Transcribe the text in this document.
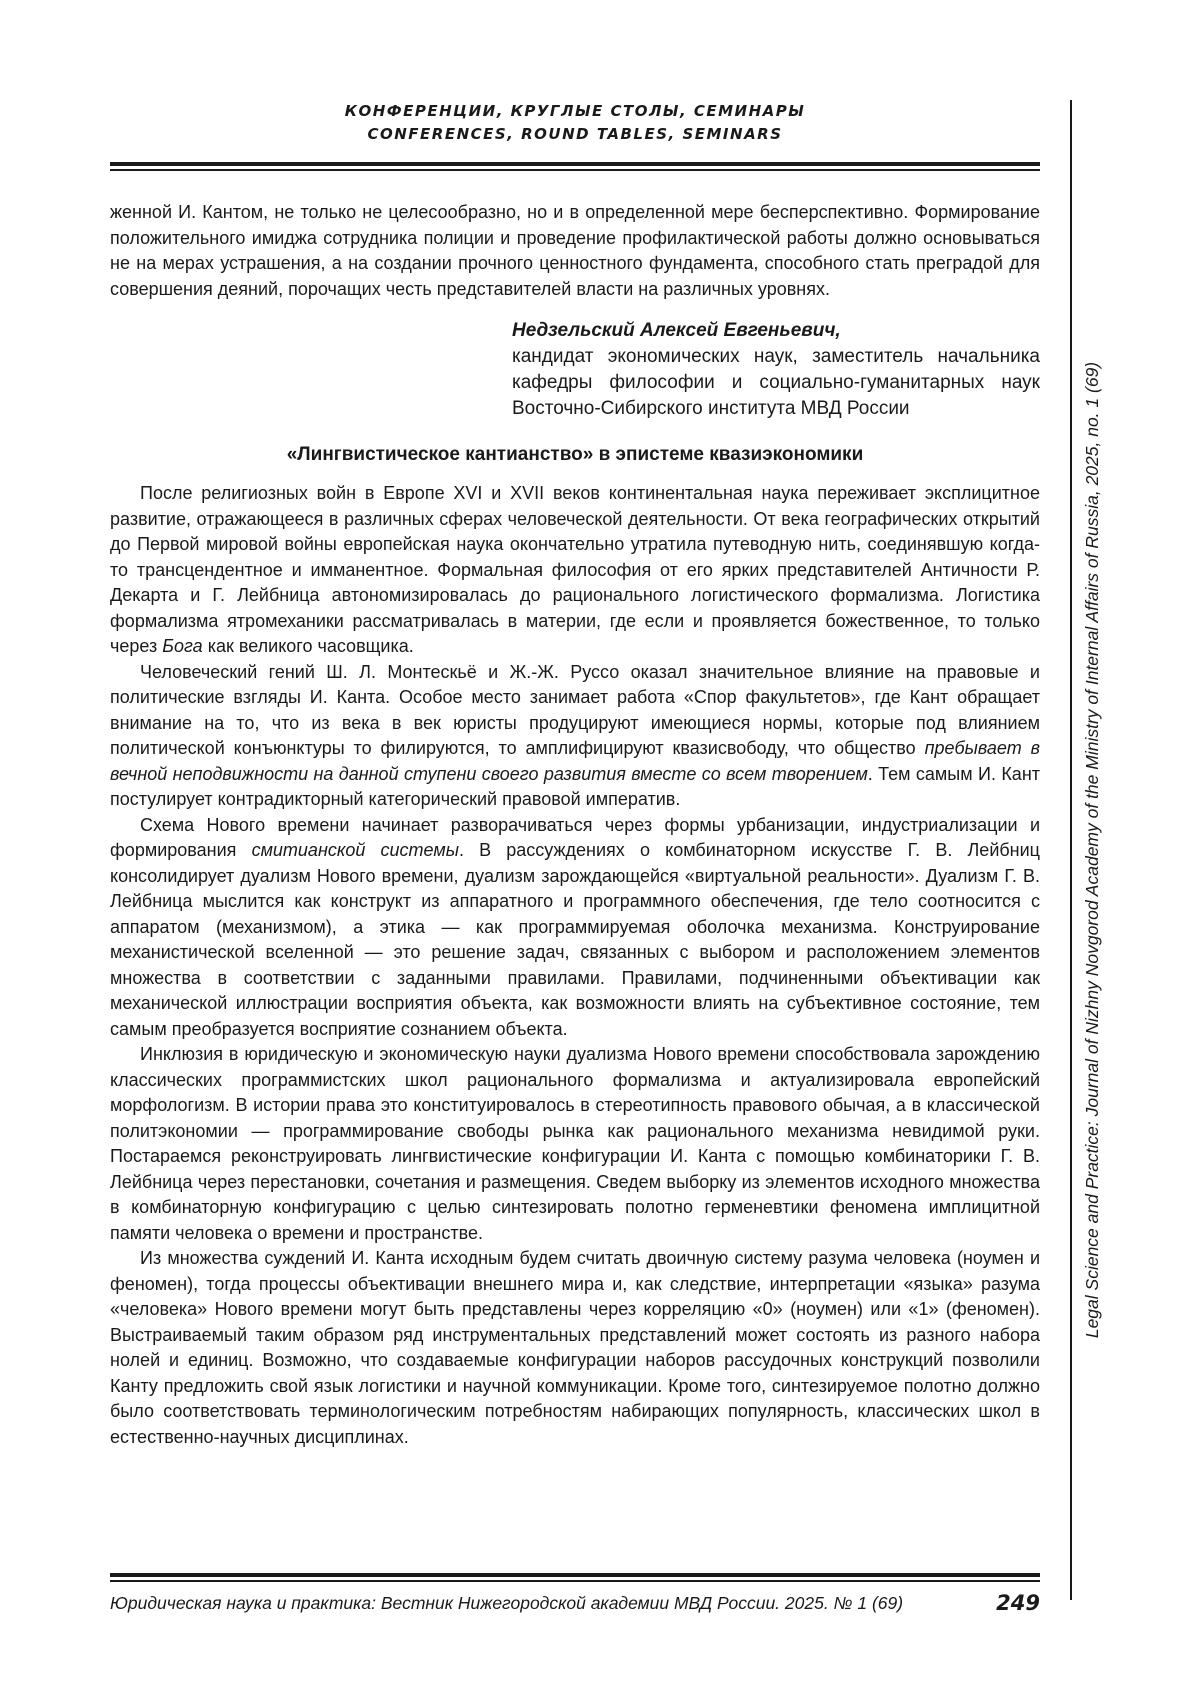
КОНФЕРЕНЦИИ, КРУГЛЫЕ СТОЛЫ, СЕМИНАРЫ
CONFERENCES, ROUND TABLES, SEMINARS
Legal Science and Practice: Journal of Nizhny Novgorod Academy of the Ministry of Internal Affairs of Russia, 2025, no. 1 (69)

женной И. Кантом, не только не целесообразно, но и в определенной мере бесперспективно. Формирование положительного имиджа сотрудника полиции и проведение профилактической работы должно основываться не на мерах устрашения, а на создании прочного ценностного фундамента, способного стать преградой для совершения деяний, порочащих честь представителей власти на различных уровнях.

Недзельский Алексей Евгеньевич,
кандидат экономических наук, заместитель начальника кафедры философии и социально-гуманитарных наук Восточно-Сибирского института МВД России
«Лингвистическое кантианство» в эпистеме квазиэкономики

После религиозных войн в Европе XVI и XVII веков континентальная наука переживает эксплицитное развитие, отражающееся в различных сферах человеческой деятельности. От века географических открытий до Первой мировой войны европейская наука окончательно утратила путеводную нить, соединявшую когда-то трансцендентное и имманентное. Формальная философия от его ярких представителей Античности Р. Декарта и Г. Лейбница автономизировалась до рационального логистического формализма. Логистика формализма ятромеханики рассматривалась в материи, где если и проявляется божественное, то только через Бога как великого часовщика.

Человеческий гений Ш. Л. Монтескьё и Ж.-Ж. Руссо оказал значительное влияние на правовые и политические взгляды И. Канта. Особое место занимает работа «Спор факультетов», где Кант обращает внимание на то, что из века в век юристы продуцируют имеющиеся нормы, которые под влиянием политической конъюнктуры то филируются, то амплифицируют квазисвободу, что общество пребывает в вечной неподвижности на данной ступени своего развития вместе со всем творением. Тем самым И. Кант постулирует контрадикторный категорический правовой императив.

Схема Нового времени начинает разворачиваться через формы урбанизации, индустриализации и формирования смитианской системы. В рассуждениях о комбинаторном искусстве Г. В. Лейбниц консолидирует дуализм Нового времени, дуализм зарождающейся «виртуальной реальности». Дуализм Г. В. Лейбница мыслится как конструкт из аппаратного и программного обеспечения, где тело соотносится с аппаратом (механизмом), а этика — как программируемая оболочка механизма. Конструирование механистической вселенной — это решение задач, связанных с выбором и расположением элементов множества в соответствии с заданными правилами. Правилами, подчиненными объективации как механической иллюстрации восприятия объекта, как возможности влиять на субъективное состояние, тем самым преобразуется восприятие сознанием объекта.

Инклюзия в юридическую и экономическую науки дуализма Нового времени способствовала зарождению классических программистских школ рационального формализма и актуализировала европейский морфологизм. В истории права это конституировалось в стереотипность правового обычая, а в классической политэкономии — программирование свободы рынка как рационального механизма невидимой руки. Постараемся реконструировать лингвистические конфигурации И. Канта с помощью комбинаторики Г. В. Лейбница через перестановки, сочетания и размещения. Сведем выборку из элементов исходного множества в комбинаторную конфигурацию с целью синтезировать полотно герменевтики феномена имплицитной памяти человека о времени и пространстве.

Из множества суждений И. Канта исходным будем считать двоичную систему разума человека (ноумен и феномен), тогда процессы объективации внешнего мира и, как следствие, интерпретации «языка» разума «человека» Нового времени могут быть представлены через корреляцию «0» (ноумен) или «1» (феномен). Выстраиваемый таким образом ряд инструментальных представлений может состоять из разного набора нолей и единиц. Возможно, что создаваемые конфигурации наборов рассудочных конструкций позволили Канту предложить свой язык логистики и научной коммуникации. Кроме того, синтезируемое полотно должно было соответствовать терминологическим потребностям набирающих популярность, классических школ в естественно-научных дисциплинах.

Юридическая наука и практика: Вестник Нижегородской академии МВД России. 2025. № 1 (69)	249
